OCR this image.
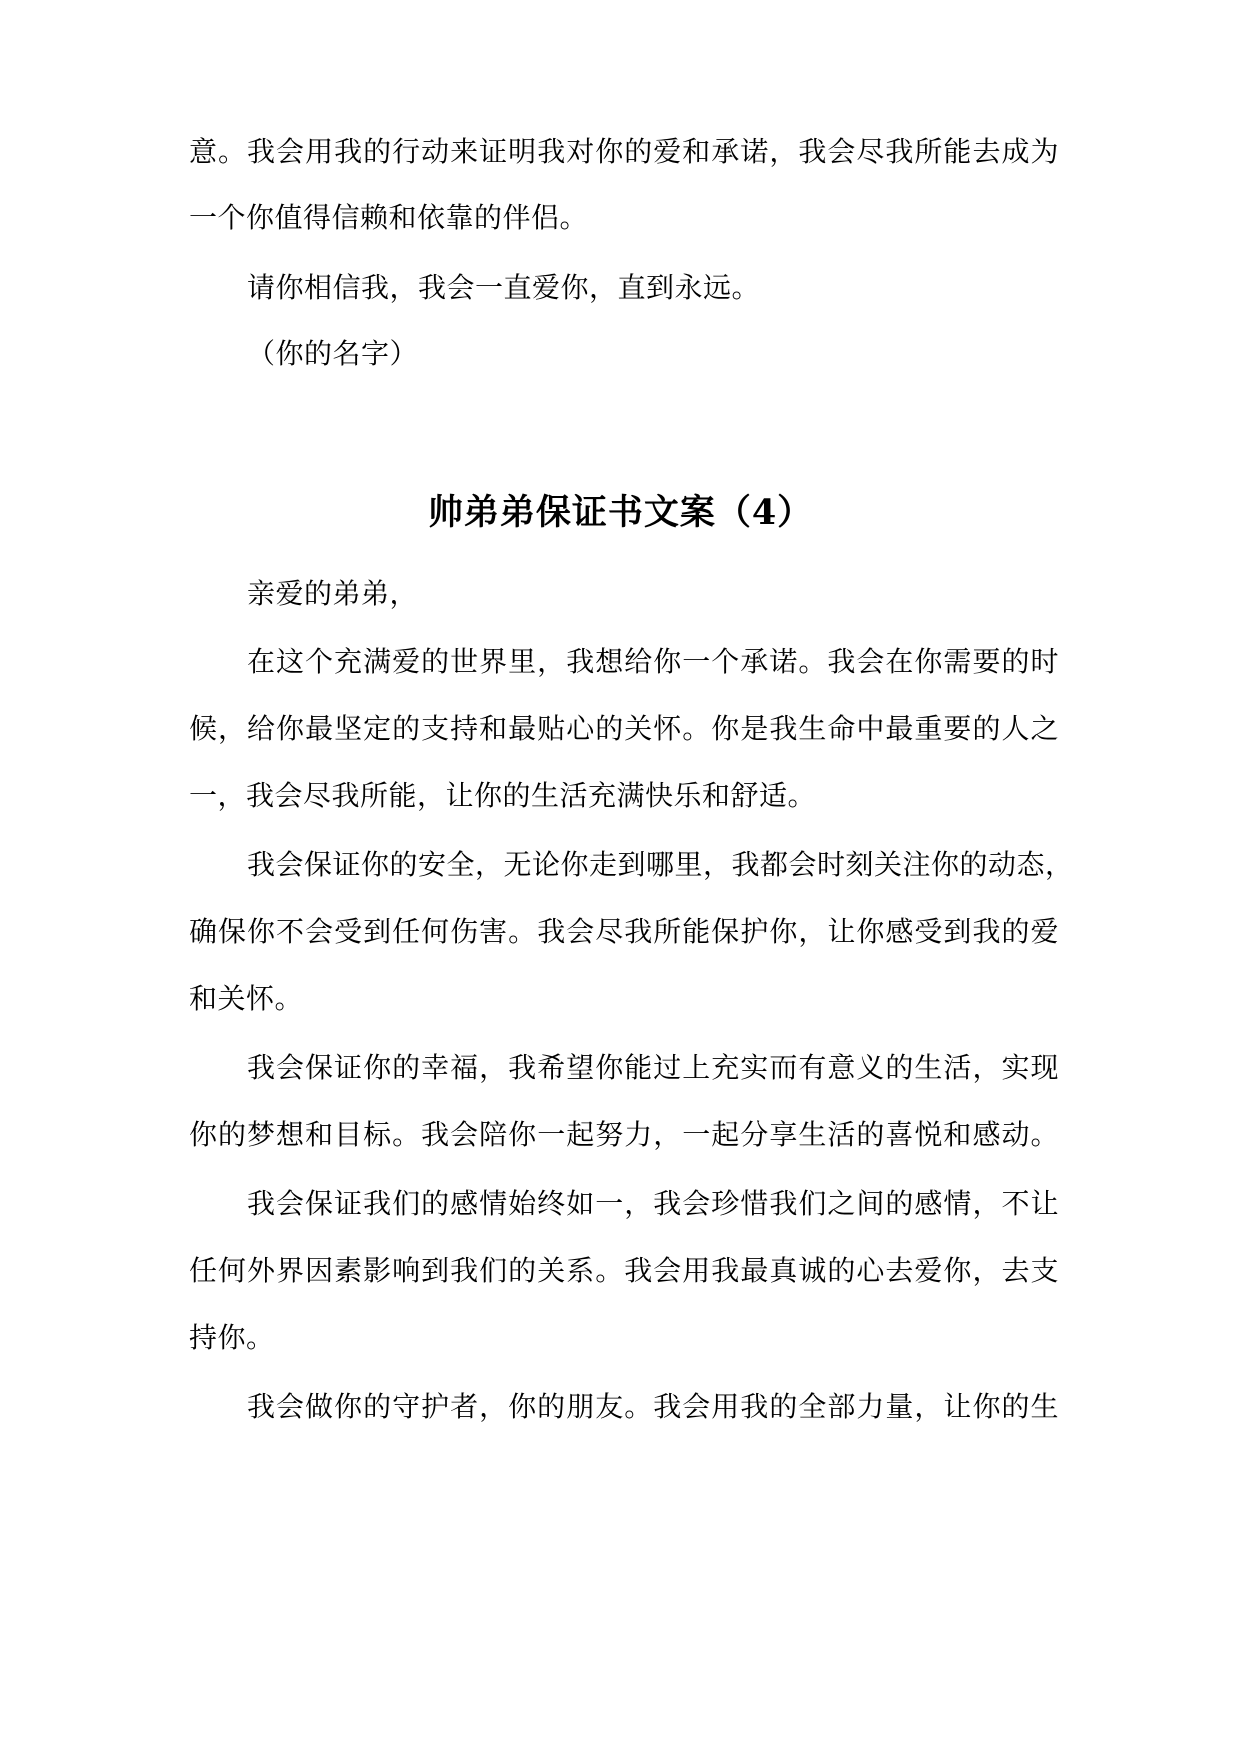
意。我会用我的行动来证明我对你的爱和承诺，我会尽我所能去成为
一个你值得信赖和依靠的伴侣。
请你相信我，我会一直爱你，直到永远。
（你的名字）
帅弟弟保证书文案（4）
亲爱的弟弟，
在这个充满爱的世界里，我想给你一个承诺。我会在你需要的时
候，给你最坚定的支持和最贴心的关怀。你是我生命中最重要的人之
一，我会尽我所能，让你的生活充满快乐和舒适。
我会保证你的安全，无论你走到哪里，我都会时刻关注你的动态，
确保你不会受到任何伤害。我会尽我所能保护你，让你感受到我的爱
和关怀。
我会保证你的幸福，我希望你能过上充实而有意义的生活，实现
你的梦想和目标。我会陪你一起努力，一起分享生活的喜悦和感动。
我会保证我们的感情始终如一，我会珍惜我们之间的感情，不让
任何外界因素影响到我们的关系。我会用我最真诚的心去爱你，去支
持你。
我会做你的守护者，你的朋友。我会用我的全部力量，让你的生
